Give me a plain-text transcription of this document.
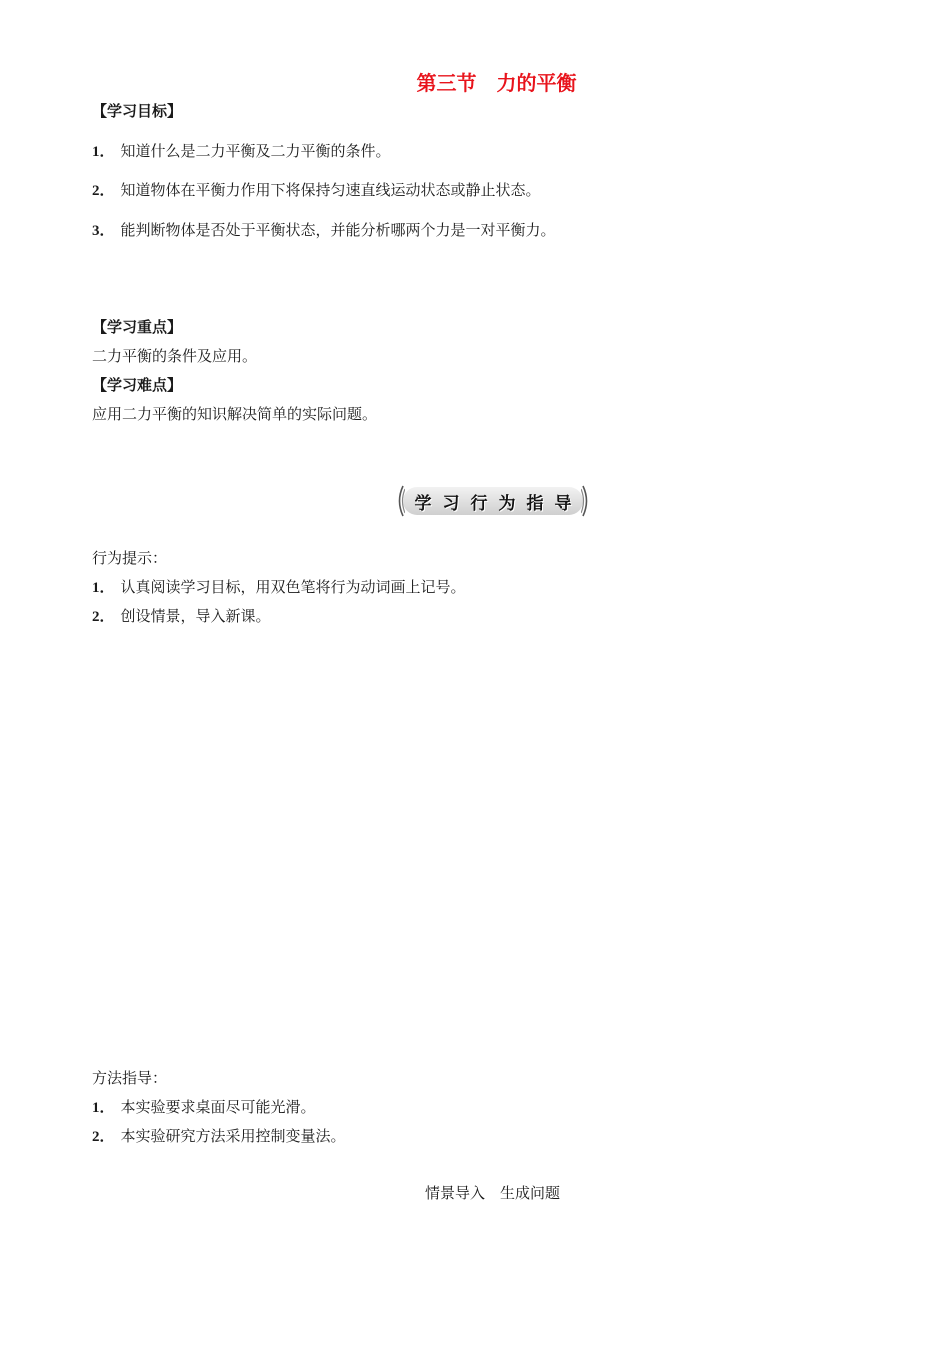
第三节　力的平衡
【学习目标】
1． 知道什么是二力平衡及二力平衡的条件。
2． 知道物体在平衡力作用下将保持匀速直线运动状态或静止状态。
3． 能判断物体是否处于平衡状态，并能分析哪两个力是一对平衡力。
【学习重点】
二力平衡的条件及应用。
【学习难点】
应用二力平衡的知识解决简单的实际问题。
学 习 行 为 指 导
行为提示：
1． 认真阅读学习目标，用双色笔将行为动词画上记号。
2． 创设情景，导入新课。
方法指导：
1． 本实验要求桌面尽可能光滑。
2． 本实验研究方法采用控制变量法。
情景导入　生成问题
